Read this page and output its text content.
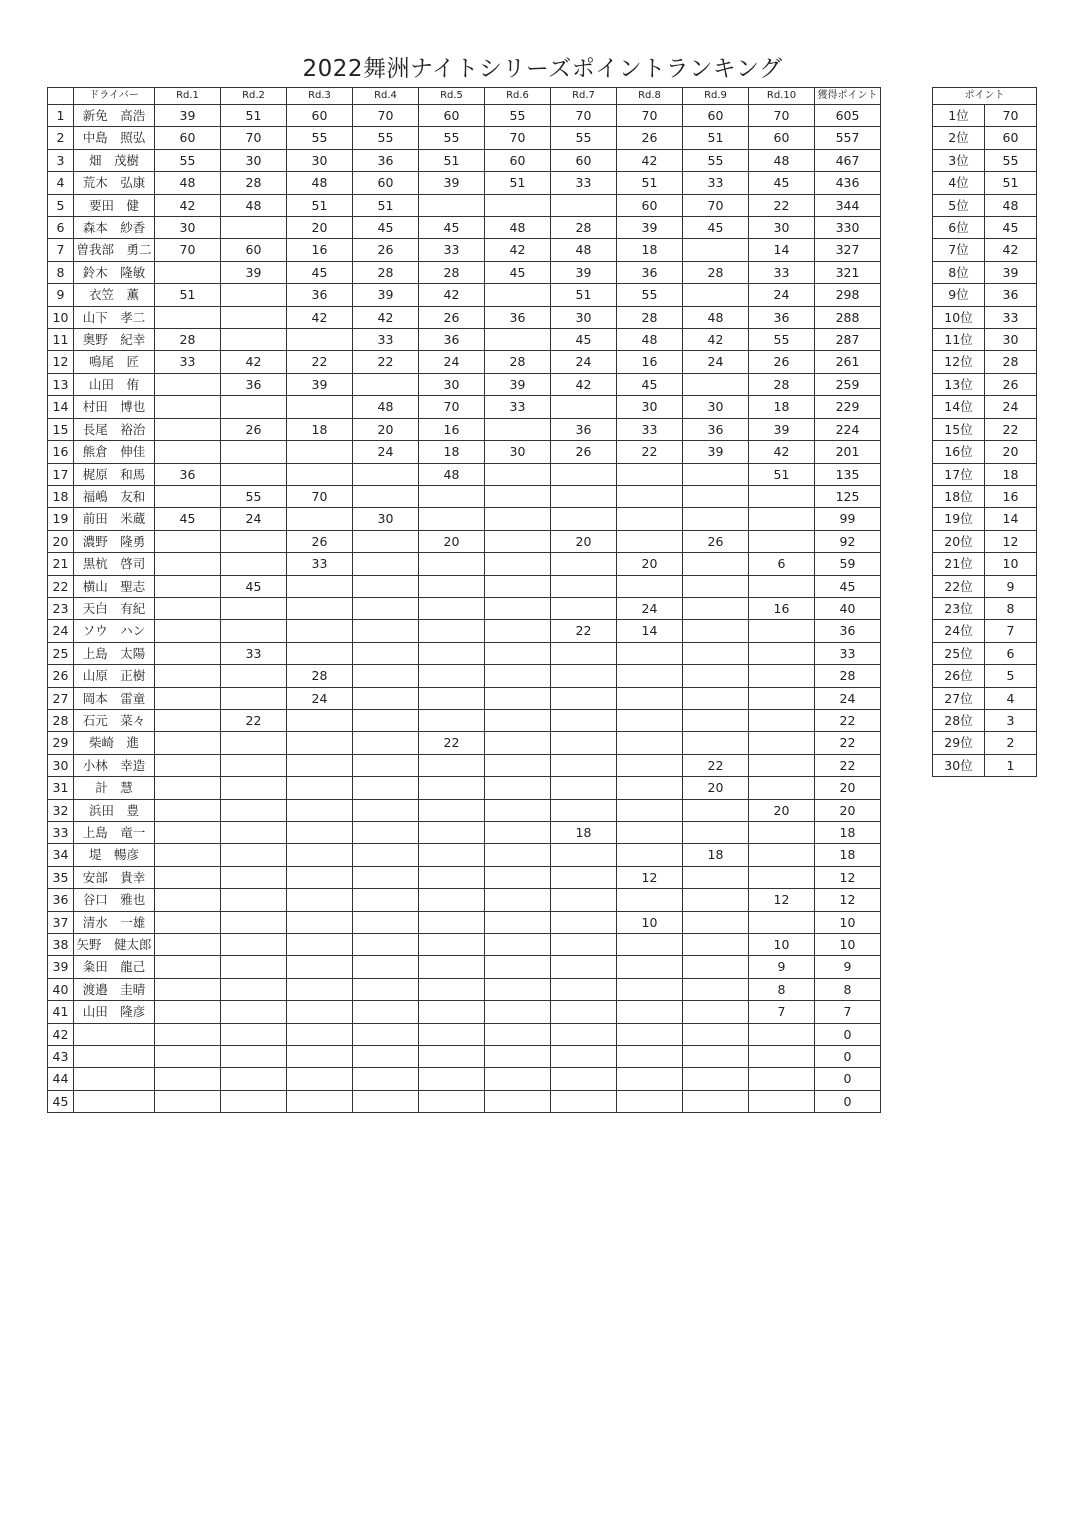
2022舞洲ナイトシリーズポイントランキング
	ドライバー	Rd.1	Rd.2	Rd.3	Rd.4	Rd.5	Rd.6	Rd.7	Rd.8	Rd.9	Rd.10	獲得ポイント
1	新免　高浩	39	51	60	70	60	55	70	70	60	70	605
2	中島　照弘	60	70	55	55	55	70	55	26	51	60	557
3	畑　茂樹	55	30	30	36	51	60	60	42	55	48	467
4	荒木　弘康	48	28	48	60	39	51	33	51	33	45	436
5	要田　健	42	48	51	51				60	70	22	344
6	森本　紗香	30		20	45	45	48	28	39	45	30	330
7	曽我部　勇二	70	60	16	26	33	42	48	18		14	327
8	鈴木　隆敏		39	45	28	28	45	39	36	28	33	321
9	衣笠　薫	51		36	39	42		51	55		24	298
10	山下　孝二			42	42	26	36	30	28	48	36	288
11	奥野　紀幸	28			33	36		45	48	42	55	287
12	鳴尾　匠	33	42	22	22	24	28	24	16	24	26	261
13	山田　侑		36	39		30	39	42	45		28	259
14	村田　博也				48	70	33		30	30	18	229
15	長尾　裕治		26	18	20	16		36	33	36	39	224
16	熊倉　伸佳				24	18	30	26	22	39	42	201
17	梶原　和馬	36				48					51	135
18	福嶋　友和		55	70								125
19	前田　米蔵	45	24		30							99
20	濃野　隆勇			26		20		20		26		92
21	黒杭　啓司			33					20		6	59
22	横山　聖志		45									45
23	天白　有紀								24		16	40
24	ソウ　ハン							22	14			36
25	上島　太陽		33									33
26	山原　正樹			28								28
27	岡本　雷童			24								24
28	石元　菜々		22									22
29	柴崎　進					22						22
30	小林　幸造									22		22
31	計　慧									20		20
32	浜田　豊										20	20
33	上島　竜一							18				18
34	堤　暢彦									18		18
35	安部　貴幸								12			12
36	谷口　雅也										12	12
37	清水　一雄								10			10
38	矢野　健太郎										10	10
39	粂田　龍己										9	9
40	渡邉　圭晴										8	8
41	山田　隆彦										7	7
42												0
43												0
44												0
45												0
ポイント	
1位	70
2位	60
3位	55
4位	51
5位	48
6位	45
7位	42
8位	39
9位	36
10位	33
11位	30
12位	28
13位	26
14位	24
15位	22
16位	20
17位	18
18位	16
19位	14
20位	12
21位	10
22位	9
23位	8
24位	7
25位	6
26位	5
27位	4
28位	3
29位	2
30位	1
